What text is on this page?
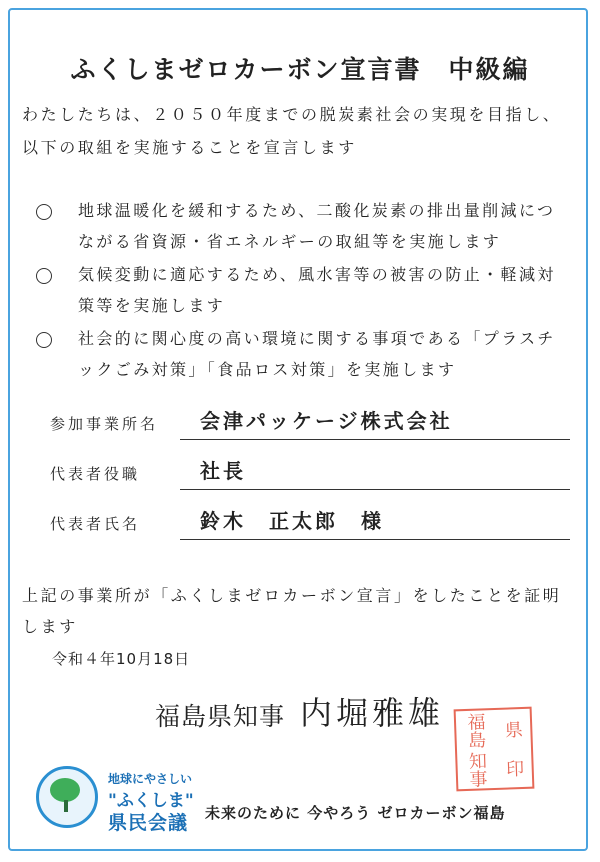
ふくしまゼロカーボン宣言書　中級編
わたしたちは、２０５０年度までの脱炭素社会の実現を目指し、以下の取組を実施することを宣言します
地球温暖化を緩和するため、二酸化炭素の排出量削減につながる省資源・省エネルギーの取組等を実施します
気候変動に適応するため、風水害等の被害の防止・軽減対策等を実施します
社会的に関心度の高い環境に関する事項である「プラスチックごみ対策」「食品ロス対策」を実施します
参加事業所名 会津パッケージ株式会社
代表者役職	社長
代表者氏名	鈴木　正太郎　様
上記の事業所が「ふくしまゼロカーボン宣言」をしたことを証明します
令和４年10月18日
福島県知事 内堀雅雄	福島 県
知事 印
地球にやさしい
"ふくしま"
県民会議 未来のために 今やろう ゼロカーボン福島
